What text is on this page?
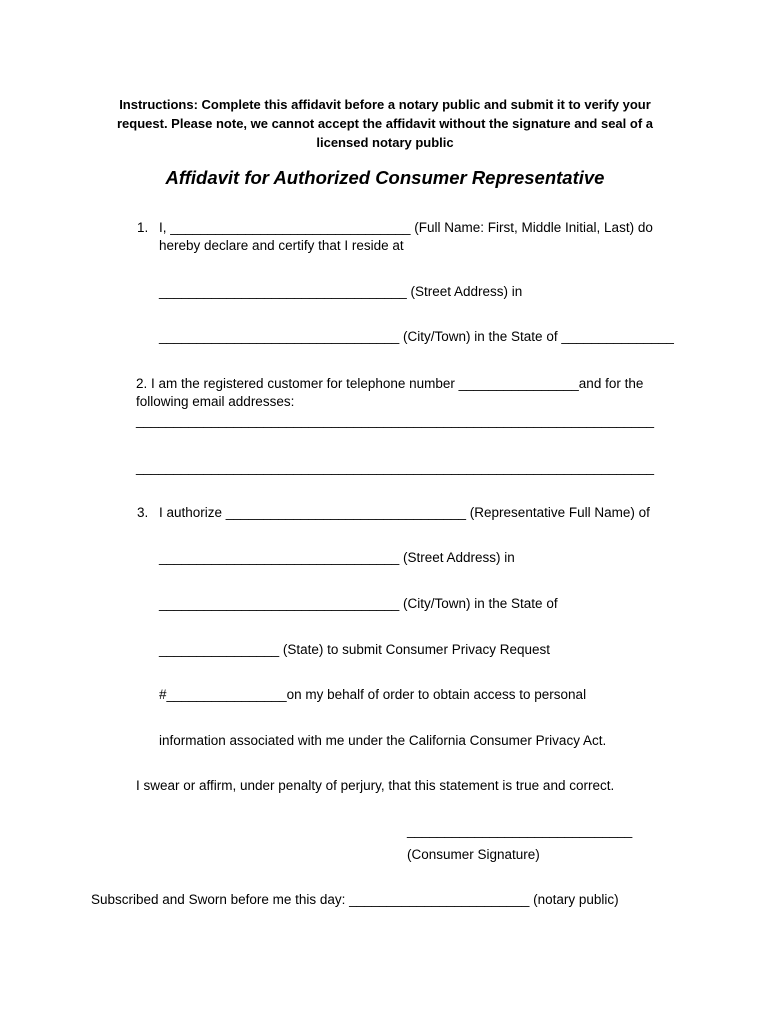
Instructions: Complete this affidavit before a notary public and submit it to verify your request. Please note, we cannot accept the affidavit without the signature and seal of a licensed notary public
Affidavit for Authorized Consumer Representative
1. I, ________________________________ (Full Name: First, Middle Initial, Last) do
hereby declare and certify that I reside at
_________________________________ (Street Address) in
________________________________ (City/Town) in the State of _______________
2. I am the registered customer for telephone number ________________and for the
following email addresses:
_____________________________________________________________________
_____________________________________________________________________
3. I authorize ________________________________ (Representative Full Name) of
________________________________ (Street Address) in
________________________________ (City/Town) in the State of
________________ (State) to submit Consumer Privacy Request
#________________on my behalf of order to obtain access to personal
information associated with me under the California Consumer Privacy Act.
I swear or affirm, under penalty of perjury, that this statement is true and correct.
______________________________
(Consumer Signature)
Subscribed and Sworn before me this day: ________________________ (notary public)
